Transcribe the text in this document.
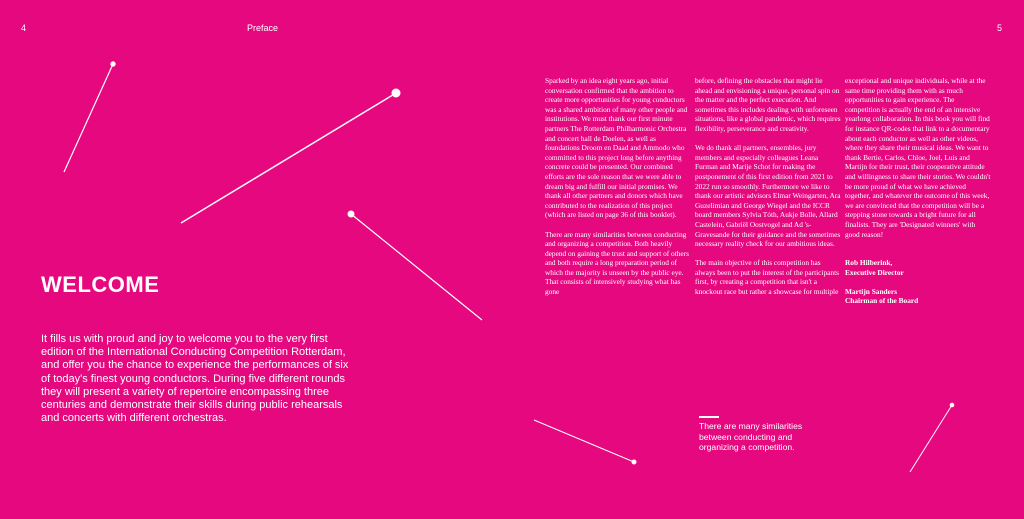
4	Preface	5
WELCOME

It fills us with proud and joy to welcome you to the very first edition of the International Conducting Competition Rotterdam, and offer you the chance to experience the performances of six of today's finest young conductors. During five different rounds they will present a variety of repertoire encompassing three centuries and demonstrate their skills during public rehearsals and concerts with different orchestras.

Sparked by an idea eight years ago, initial conversation confirmed that the ambition to create more opportunities for young conductors was a shared ambition of many other people and institutions. We must thank our first minute partners The Rotterdam Philharmonic Orchestra and concert hall de Doelen, as well as foundations Droom en Daad and Ammodo who committed to this project long before anything concrete could be presented. Our combined efforts are the sole reason that we were able to dream big and fulfill our initial promises. We thank all other partners and donors which have contributed to the realization of this project (which are listed on page 36 of this booklet).

There are many similarities between conducting and organizing a competition. Both heavily depend on gaining the trust and support of others and both require a long preparation period of which the majority is unseen by the public eye. That consists of intensively studying what has gone

before, defining the obstacles that might lie ahead and envisioning a unique, personal spin on the matter and the perfect execution. And sometimes this includes dealing with unforeseen situations, like a global pandemic, which requires flexibility, perseverance and creativity.

We do thank all partners, ensembles, jury members and especially colleagues Leana Furman and Marije Schot for making the postponement of this first edition from 2021 to 2022 run so smoothly. Furthermore we like to thank our artistic advisors Elmar Weingarten, Ara Guzelimian and George Wiegel and the ICCR board members Sylvia Tóth, Aukje Bolle, Allard Castelein, Gabriël Oostvogel and Ad 's-Gravesande for their guidance and the sometimes necessary reality check for our ambitious ideas.

The main objective of this competition has always been to put the interest of the participants first, by creating a competition that isn't a knockout race but rather a showcase for multiple

exceptional and unique individuals, while at the same time providing them with as much opportunities to gain experience. The competition is actually the end of an intensive yearlong collaboration. In this book you will find for instance QR-codes that link to a documentary about each conductor as well as other videos, where they share their musical ideas. We want to thank Bertie, Carlos, Chloe, Joel, Luis and Martijn for their trust, their cooperative attitude and willingness to share their stories. We couldn't be more proud of what we have achieved together, and whatever the outcome of this week, we are convinced that the competition will be a stepping stone towards a bright future for all finalists. They are 'Designated winners' with good reason!

Rob Hilberink,
Executive Director

Martijn Sanders
Chairman of the Board

There are many similarities between conducting and organizing a competition.
